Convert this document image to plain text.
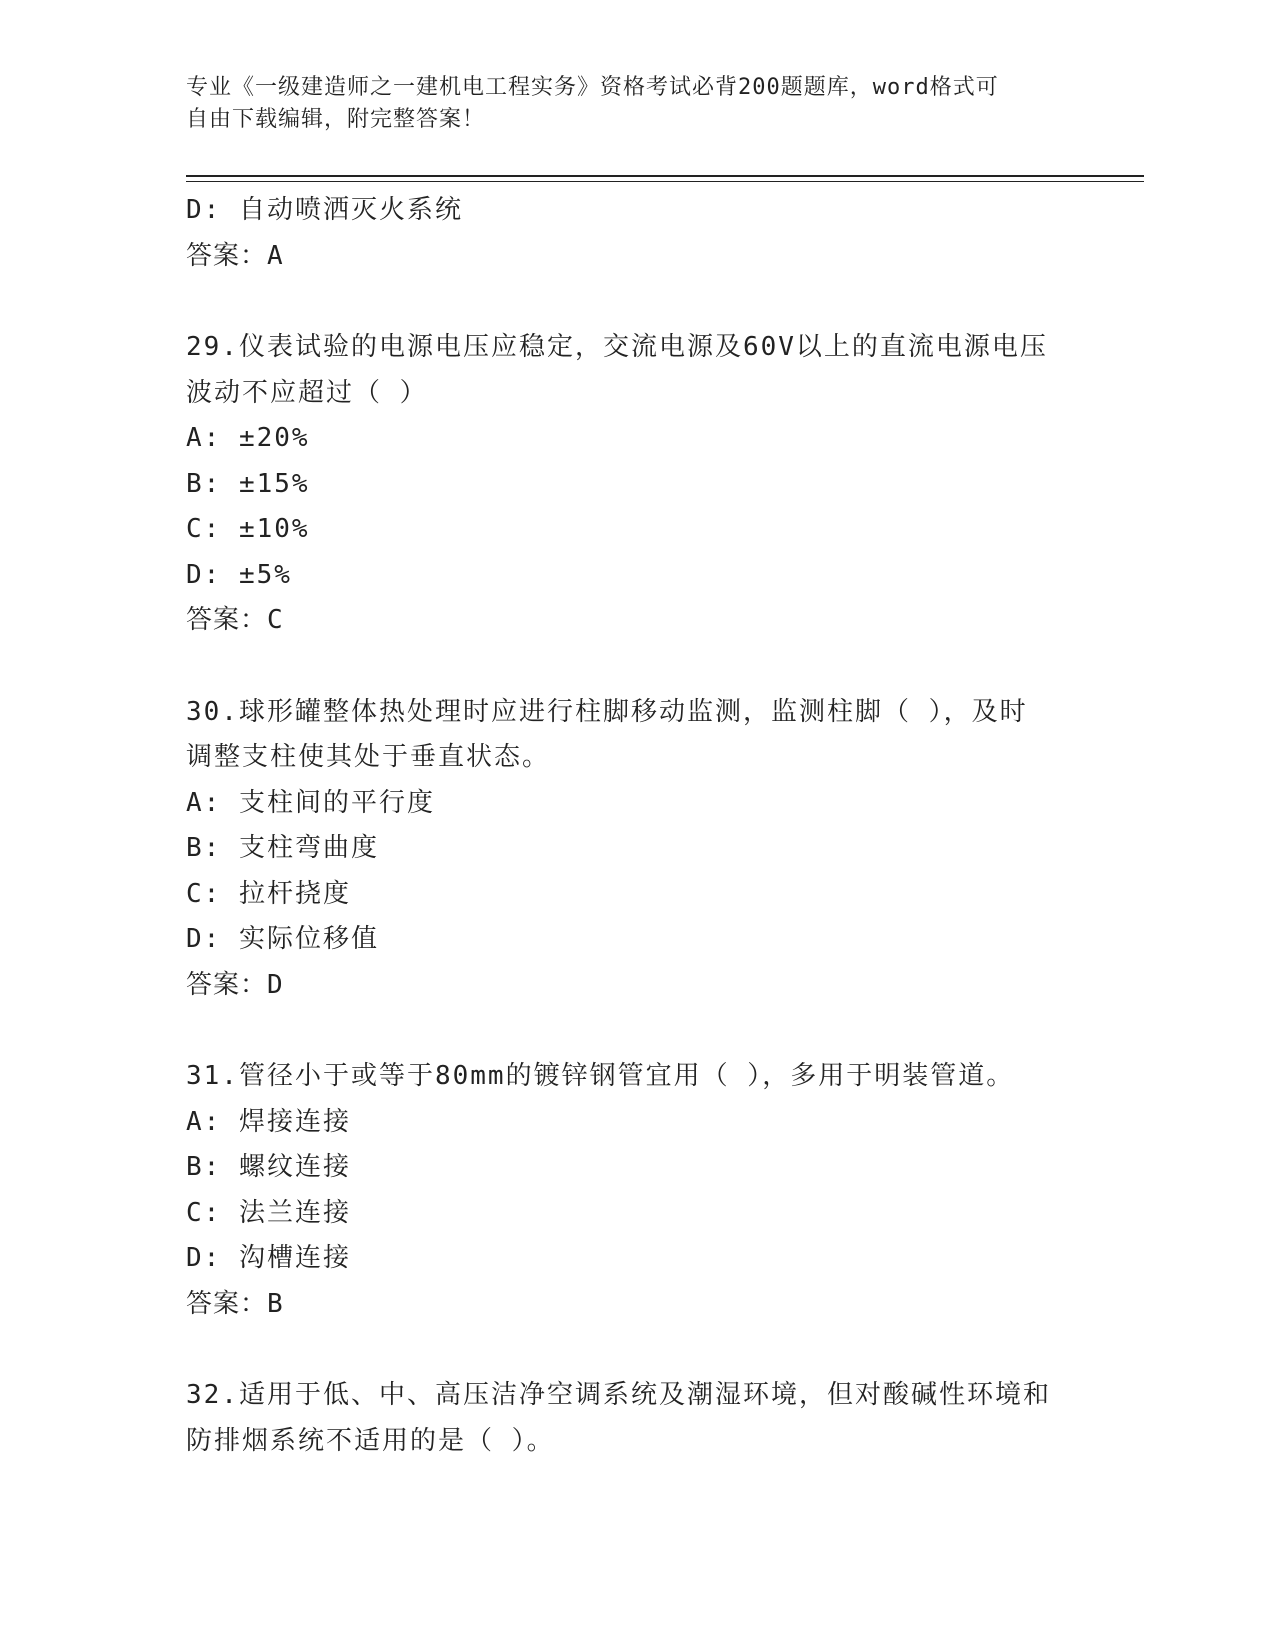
专业《一级建造师之一建机电工程实务》资格考试必背200题题库，word格式可
自由下载编辑，附完整答案！
D: 自动喷洒灭火系统
答案：A
29.仪表试验的电源电压应稳定，交流电源及60V以上的直流电源电压
波动不应超过（ ）
A: ±20%
B: ±15%
C: ±10%
D: ±5%
答案：C
30.球形罐整体热处理时应进行柱脚移动监测，监测柱脚（ ），及时
调整支柱使其处于垂直状态。
A: 支柱间的平行度
B: 支柱弯曲度
C: 拉杆挠度
D: 实际位移值
答案：D
31.管径小于或等于80mm的镀锌钢管宜用（ ），多用于明装管道。
A: 焊接连接
B: 螺纹连接
C: 法兰连接
D: 沟槽连接
答案：B
32.适用于低、中、高压洁净空调系统及潮湿环境，但对酸碱性环境和
防排烟系统不适用的是（ ）。
